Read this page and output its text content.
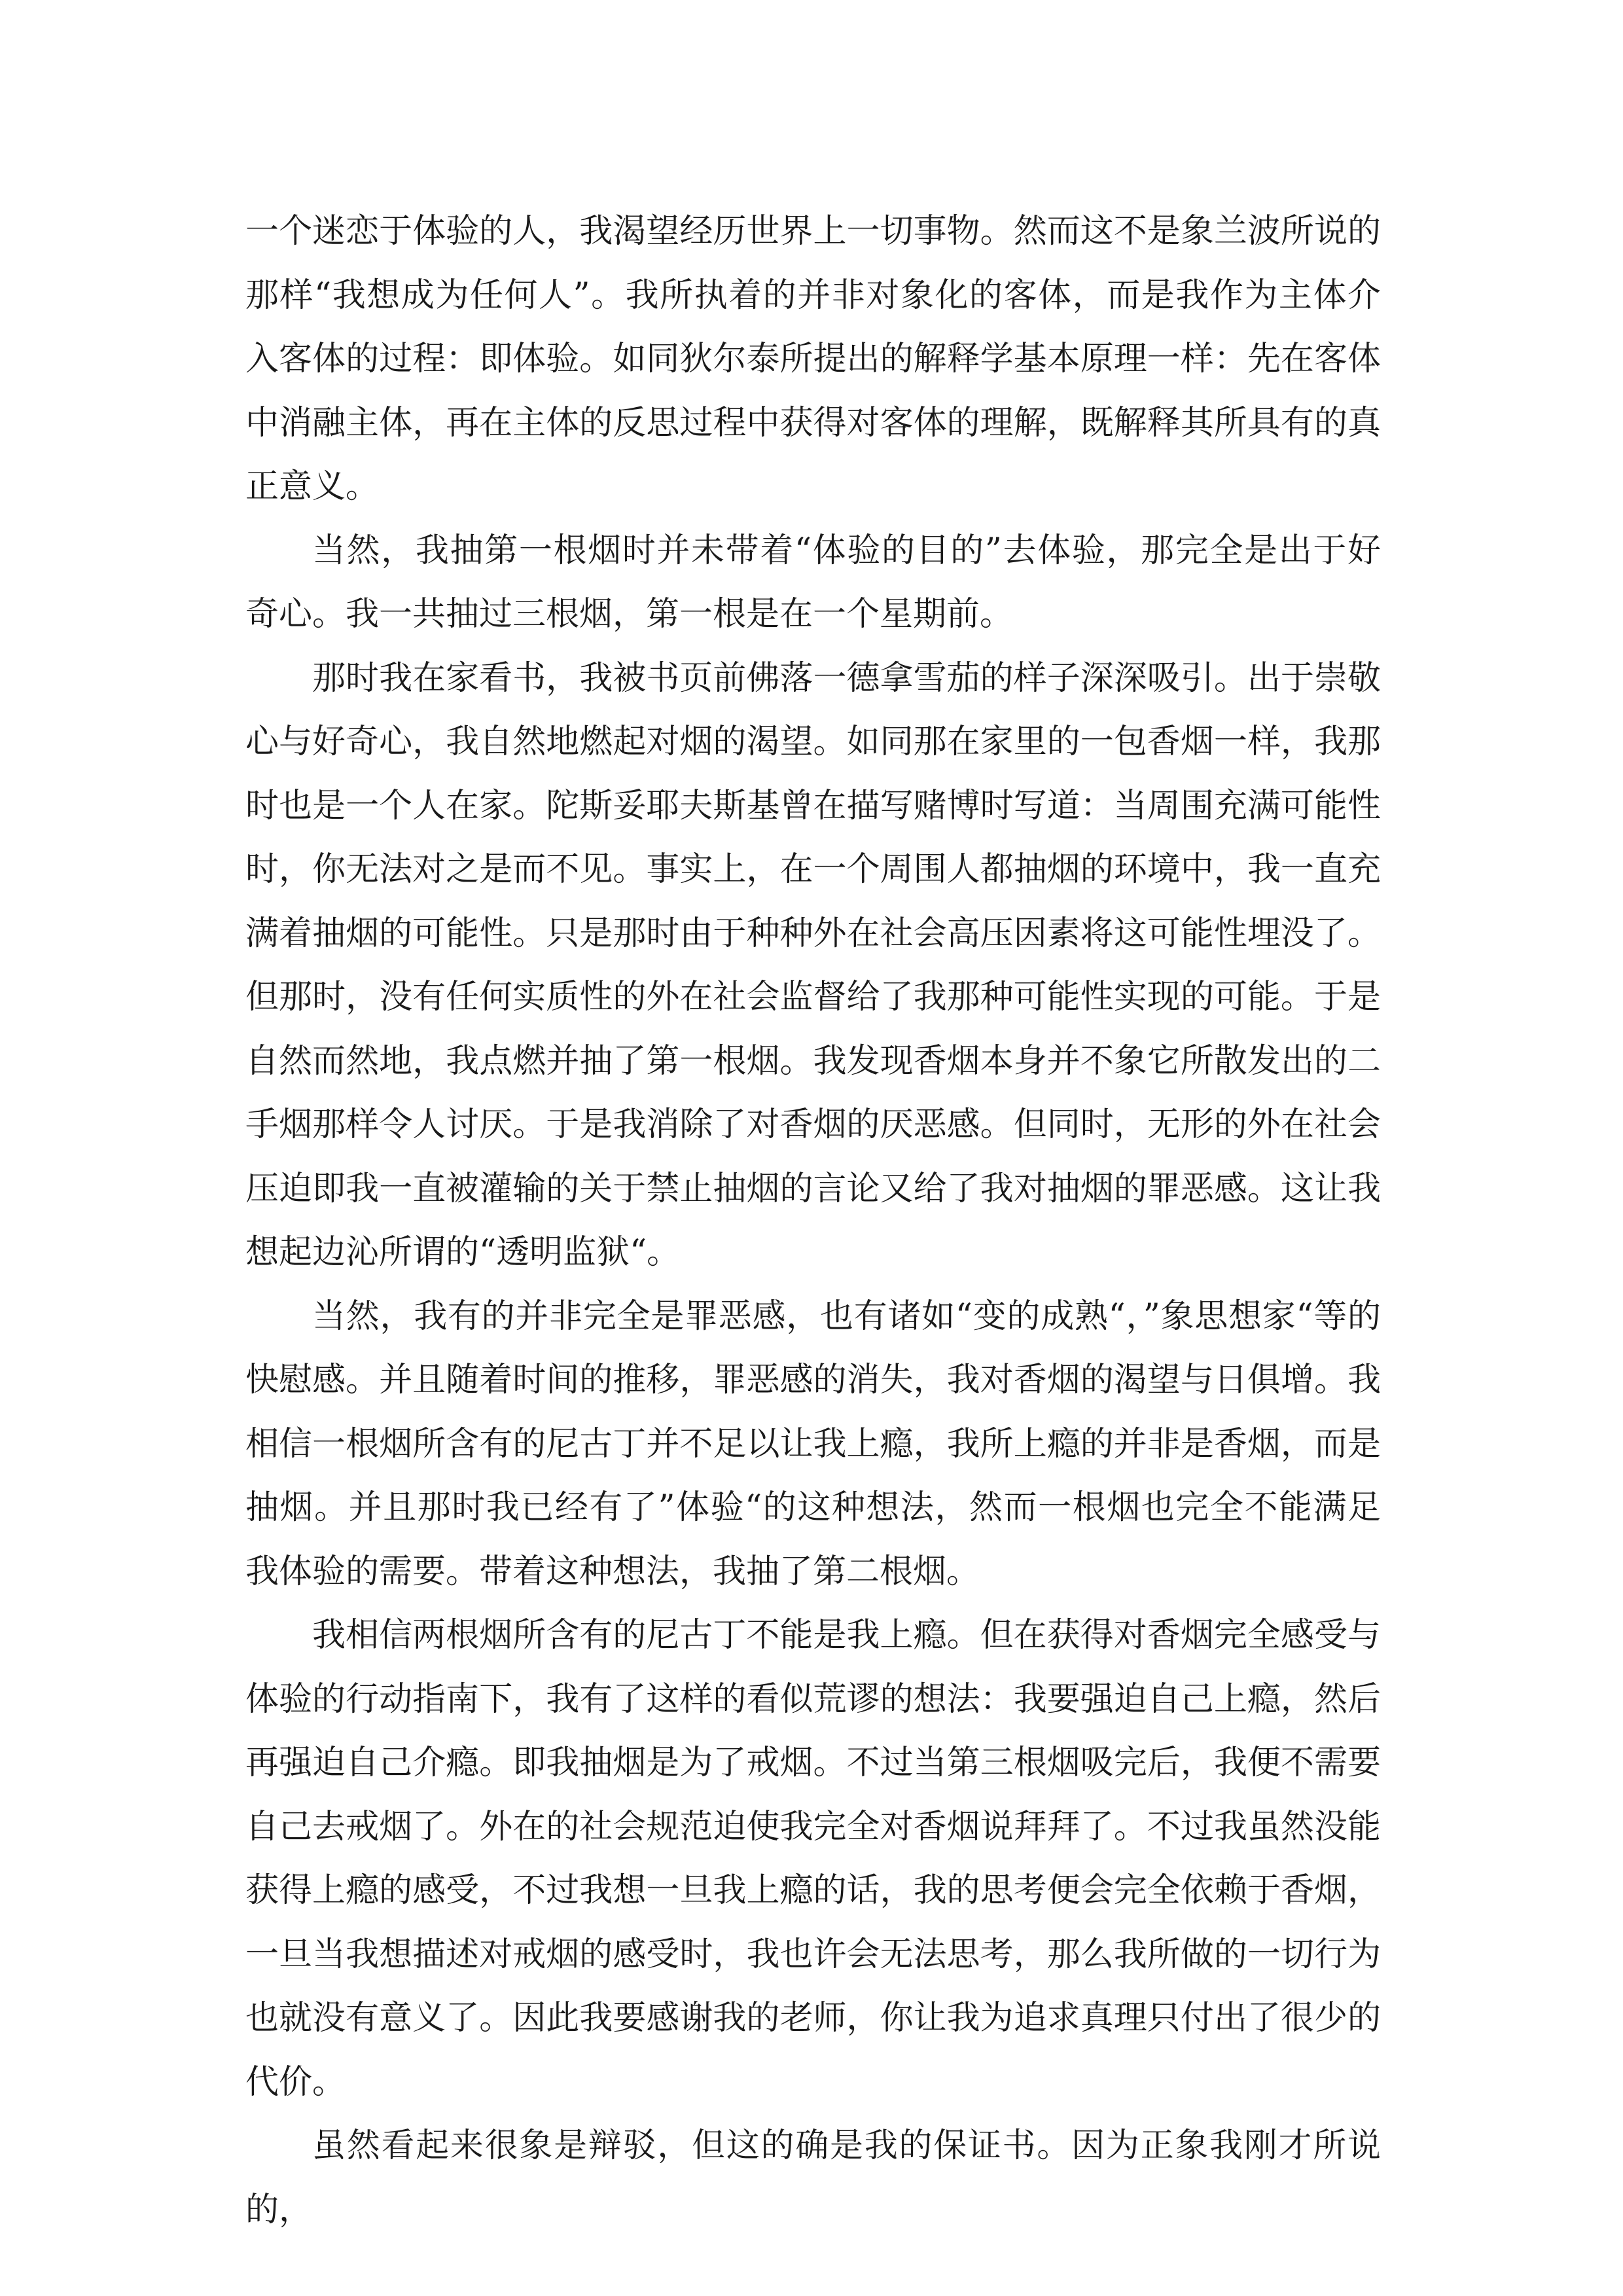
一个迷恋于体验的人，我渴望经历世界上一切事物。然而这不是象兰波所说的那样“我想成为任何人”。我所执着的并非对象化的客体，而是我作为主体介入客体的过程：即体验。如同狄尔泰所提出的解释学基本原理一样：先在客体中消融主体，再在主体的反思过程中获得对客体的理解，既解释其所具有的真正意义。

当然，我抽第一根烟时并未带着“体验的目的”去体验，那完全是出于好奇心。我一共抽过三根烟，第一根是在一个星期前。

那时我在家看书，我被书页前佛落一德拿雪茄的样子深深吸引。出于崇敬心与好奇心，我自然地燃起对烟的渴望。如同那在家里的一包香烟一样，我那时也是一个人在家。陀斯妥耶夫斯基曾在描写赌博时写道：当周围充满可能性时，你无法对之是而不见。事实上，在一个周围人都抽烟的环境中，我一直充满着抽烟的可能性。只是那时由于种种外在社会高压因素将这可能性埋没了。但那时，没有任何实质性的外在社会监督给了我那种可能性实现的可能。于是自然而然地，我点燃并抽了第一根烟。我发现香烟本身并不象它所散发出的二手烟那样令人讨厌。于是我消除了对香烟的厌恶感。但同时，无形的外在社会压迫即我一直被灌输的关于禁止抽烟的言论又给了我对抽烟的罪恶感。这让我想起边沁所谓的“透明监狱“。

当然，我有的并非完全是罪恶感，也有诸如“变的成熟“，”象思想家“等的快慰感。并且随着时间的推移，罪恶感的消失，我对香烟的渴望与日俱增。我相信一根烟所含有的尼古丁并不足以让我上瘾，我所上瘾的并非是香烟，而是抽烟。并且那时我已经有了”体验“的这种想法，然而一根烟也完全不能满足我体验的需要。带着这种想法，我抽了第二根烟。

我相信两根烟所含有的尼古丁不能是我上瘾。但在获得对香烟完全感受与体验的行动指南下，我有了这样的看似荒谬的想法：我要强迫自己上瘾，然后再强迫自己介瘾。即我抽烟是为了戒烟。不过当第三根烟吸完后，我便不需要自己去戒烟了。外在的社会规范迫使我完全对香烟说拜拜了。不过我虽然没能获得上瘾的感受，不过我想一旦我上瘾的话，我的思考便会完全依赖于香烟，一旦当我想描述对戒烟的感受时，我也许会无法思考，那么我所做的一切行为也就没有意义了。因此我要感谢我的老师，你让我为追求真理只付出了很少的代价。

虽然看起来很象是辩驳，但这的确是我的保证书。因为正象我刚才所说的，
